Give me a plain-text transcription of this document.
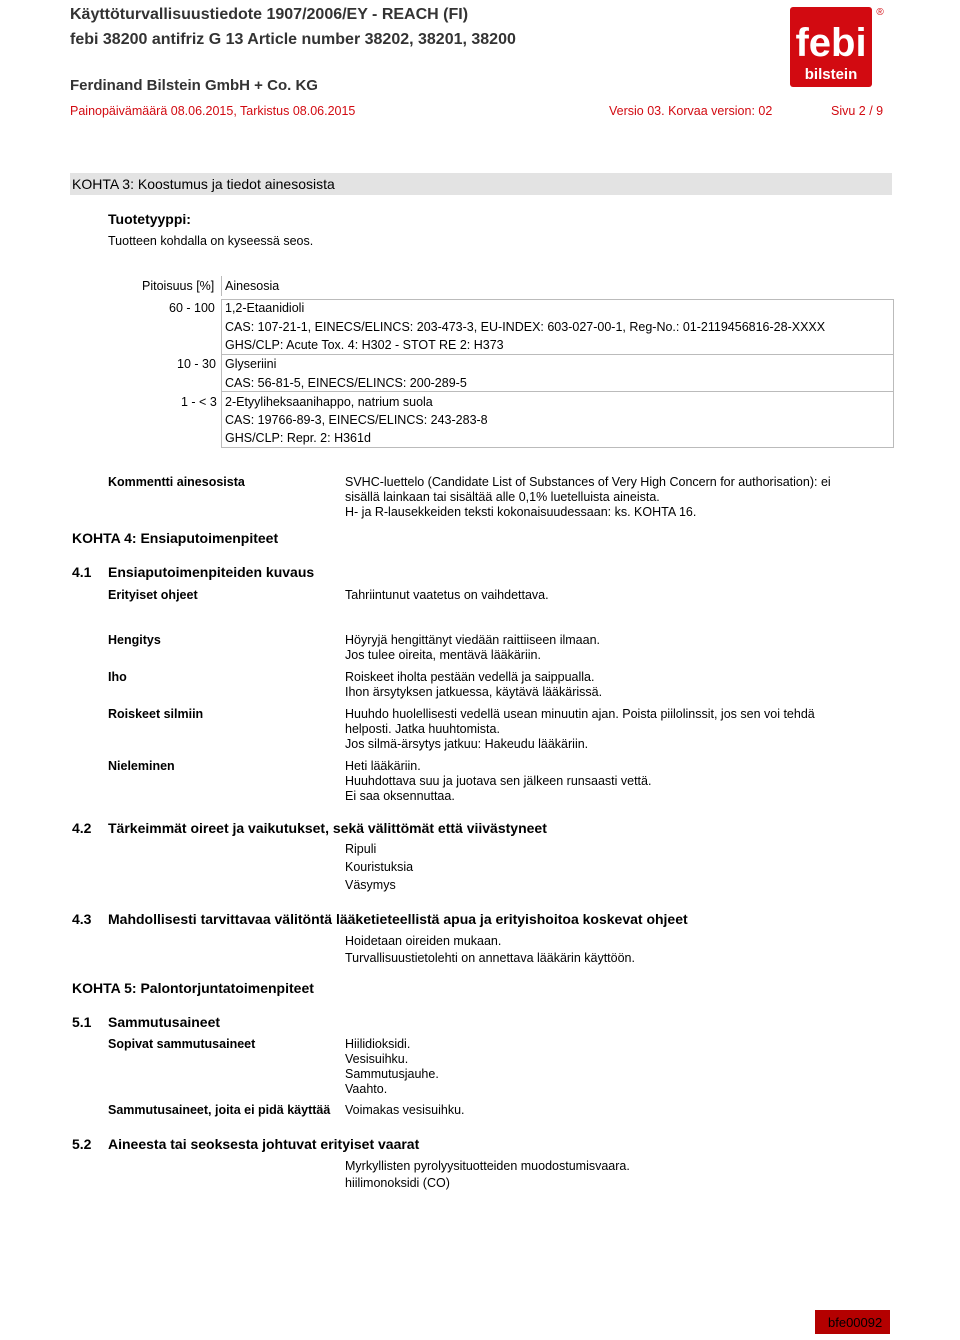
Käyttöturvallisuustiedote 1907/2006/EY - REACH (FI)
febi 38200 antifriz G 13 Article number 38202, 38201, 38200
Ferdinand Bilstein GmbH + Co. KG
Painopäivämäärä 08.06.2015, Tarkistus 08.06.2015	Versio 03. Korvaa version: 02	Sivu 2 / 9
febi
bilstein
®
KOHTA 3: Koostumus ja tiedot ainesosista
Tuotetyyppi:
Tuotteen kohdalla on kyseessä seos.
Pitoisuus [%] Ainesosia
60 - 100 1,2-Etaanidioli
CAS: 107-21-1, EINECS/ELINCS: 203-473-3, EU-INDEX: 603-027-00-1, Reg-No.: 01-2119456816-28-XXXX
GHS/CLP: Acute Tox. 4: H302 - STOT RE 2: H373
10 - 30 Glyseriini
CAS: 56-81-5, EINECS/ELINCS: 200-289-5
1 - < 3 2-Etyyliheksaanihappo, natrium suola
CAS: 19766-89-3, EINECS/ELINCS: 243-283-8
GHS/CLP: Repr. 2: H361d
Kommentti ainesosista	SVHC-luettelo (Candidate List of Substances of Very High Concern for authorisation): ei
sisällä lainkaan tai sisältää alle 0,1% luetelluista aineista.
H- ja R-lausekkeiden teksti kokonaisuudessaan: ks. KOHTA 16.
KOHTA 4: Ensiaputoimenpiteet
4.1 Ensiaputoimenpiteiden kuvaus
Erityiset ohjeet	Tahriintunut vaatetus on vaihdettava.
Hengitys	Höyryjä hengittänyt viedään raittiiseen ilmaan.
Jos tulee oireita, mentävä lääkäriin.
Iho	Roiskeet iholta pestään vedellä ja saippualla.
Ihon ärsytyksen jatkuessa, käytävä lääkärissä.
Roiskeet silmiin	Huuhdo huolellisesti vedellä usean minuutin ajan. Poista piilolinssit, jos sen voi tehdä
helposti. Jatka huuhtomista.
Jos silmä-ärsytys jatkuu: Hakeudu lääkäriin.
Nieleminen	Heti lääkäriin.
Huuhdottava suu ja juotava sen jälkeen runsaasti vettä.
Ei saa oksennuttaa.
4.2 Tärkeimmät oireet ja vaikutukset, sekä välittömät että viivästyneet
Ripuli
Kouristuksia
Väsymys
4.3 Mahdollisesti tarvittavaa välitöntä lääketieteellistä apua ja erityishoitoa koskevat ohjeet
Hoidetaan oireiden mukaan.
Turvallisuustietolehti on annettava lääkärin käyttöön.
KOHTA 5: Palontorjuntatoimenpiteet
5.1 Sammutusaineet
Sopivat sammutusaineet	Hiilidioksidi.
Vesisuihku.
Sammutusjauhe.
Vaahto.
Sammutusaineet, joita ei pidä käyttää Voimakas vesisuihku.
5.2 Aineesta tai seoksesta johtuvat erityiset vaarat
Myrkyllisten pyrolyysituotteiden muodostumisvaara.
hiilimonoksidi (CO)
bfe00092
